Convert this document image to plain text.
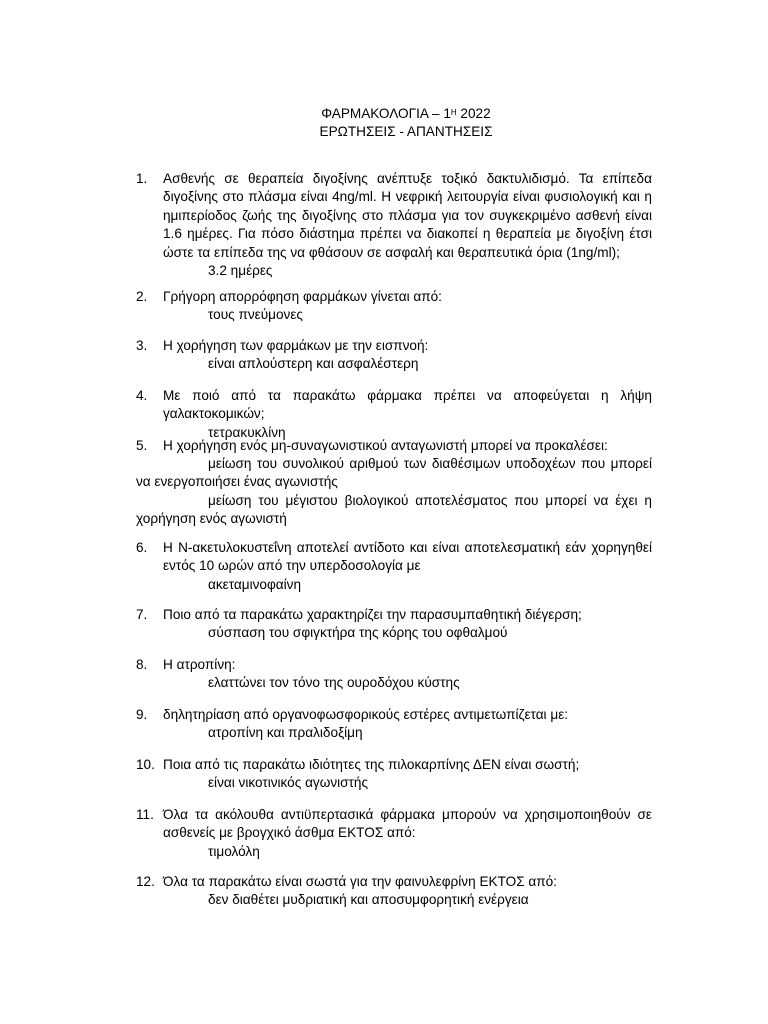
ΦΑΡΜΑΚΟΛΟΓΙΑ – $1^H$ 2022
ΕΡΩΤΗΣΕΙΣ - ΑΠΑΝΤΗΣΕΙΣ
1. Ασθενής σε θεραπεία διγοξίνης ανέπτυξε τοξικό δακτυλιδισμό. Τα επίπεδα διγοξίνης στο πλάσμα είναι 4ng/ml. Η νεφρική λειτουργία είναι φυσιολογική και η ημιπερίοδος ζωής της διγοξίνης στο πλάσμα για τον συγκεκριμένο ασθενή είναι 1.6 ημέρες. Για πόσο διάστημα πρέπει να διακοπεί η θεραπεία με διγοξίνη έτσι ώστε τα επίπεδα της να φθάσουν σε ασφαλή και θεραπευτικά όρια (1ng/ml);
3.2 ημέρες
2. Γρήγορη απορρόφηση φαρμάκων γίνεται από:
τους πνεύμονες
3. Η χορήγηση των φαρμάκων με την εισπνοή:
είναι απλούστερη και ασφαλέστερη
4. Με ποιό από τα παρακάτω φάρμακα πρέπει να αποφεύγεται η λήψη γαλακτοκομικών;
τετρακυκλίνη
5. Η χορήγηση ενός μη-συναγωνιστικού ανταγωνιστή μπορεί να προκαλέσει:
μείωση του συνολικού αριθμού των διαθέσιμων υποδοχέων που μπορεί να ενεργοποιήσει ένας αγωνιστής
μείωση του μέγιστου βιολογικού αποτελέσματος που μπορεί να έχει η χορήγηση ενός αγωνιστή
6. Η Ν-ακετυλοκυστεΐνη αποτελεί αντίδοτο και είναι αποτελεσματική εάν χορηγηθεί εντός 10 ωρών από την υπερδοσολογία με
ακεταμινοφαίνη
7. Ποιο από τα παρακάτω χαρακτηρίζει την παρασυμπαθητική διέγερση;
σύσπαση του σφιγκτήρα της κόρης του οφθαλμού
8. Η ατροπίνη:
ελαττώνει τον τόνο της ουροδόχου κύστης
9. δηλητηρίαση από οργανοφωσφορικούς εστέρες αντιμετωπίζεται με:
ατροπίνη και πραλιδοξίμη
10. Ποια από τις παρακάτω ιδιότητες της πιλοκαρπίνης ΔΕΝ είναι σωστή;
είναι νικοτινικός αγωνιστής
11. Όλα τα ακόλουθα αντιϋπερτασικά φάρμακα μπορούν να χρησιμοποιηθούν σε ασθενείς με βρογχικό άσθμα ΕΚΤΟΣ από:
τιμολόλη
12. Όλα τα παρακάτω είναι σωστά για την φαινυλεφρίνη ΕΚΤΟΣ από:
δεν διαθέτει μυδριατική και αποσυμφορητική ενέργεια
